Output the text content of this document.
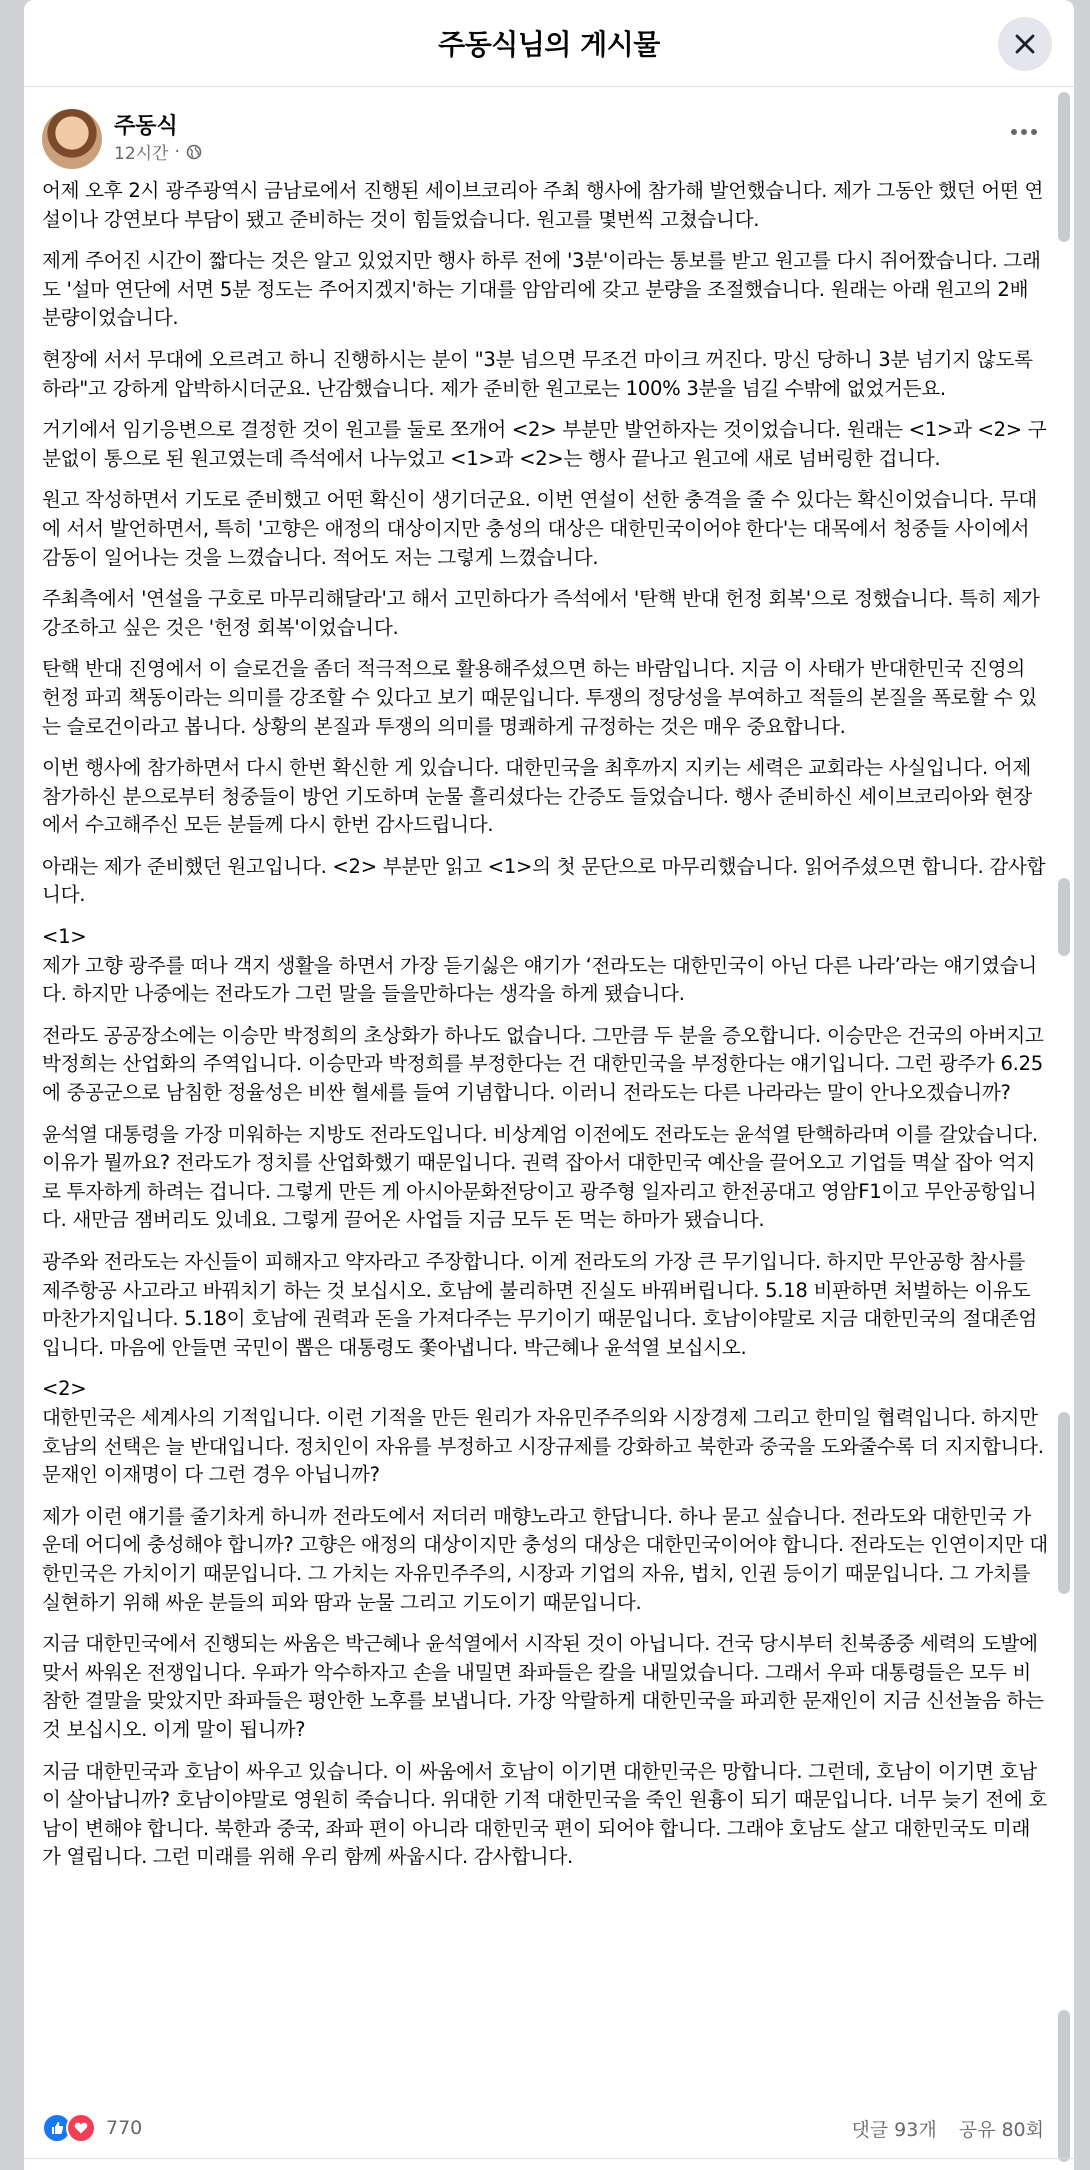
주동식님의 게시물
주동식
12시간 ·

어제 오후 2시 광주광역시 금남로에서 진행된 세이브코리아 주최 행사에 참가해 발언했습니다. 제가 그동안 했던 어떤 연설이나 강연보다 부담이 됐고 준비하는 것이 힘들었습니다. 원고를 몇번씩 고쳤습니다.

제게 주어진 시간이 짧다는 것은 알고 있었지만 행사 하루 전에 '3분'이라는 통보를 받고 원고를 다시 쥐어짰습니다. 그래도 '설마 연단에 서면 5분 정도는 주어지겠지'하는 기대를 암암리에 갖고 분량을 조절했습니다. 원래는 아래 원고의 2배 분량이었습니다.

현장에 서서 무대에 오르려고 하니 진행하시는 분이 "3분 넘으면 무조건 마이크 꺼진다. 망신 당하니 3분 넘기지 않도록 하라"고 강하게 압박하시더군요. 난감했습니다. 제가 준비한 원고로는 100% 3분을 넘길 수밖에 없었거든요.

거기에서 임기응변으로 결정한 것이 원고를 둘로 쪼개어 <2> 부분만 발언하자는 것이었습니다. 원래는 <1>과 <2> 구분없이 통으로 된 원고였는데 즉석에서 나누었고 <1>과 <2>는 행사 끝나고 원고에 새로 넘버링한 겁니다.

원고 작성하면서 기도로 준비했고 어떤 확신이 생기더군요. 이번 연설이 선한 충격을 줄 수 있다는 확신이었습니다. 무대에 서서 발언하면서, 특히 '고향은 애정의 대상이지만 충성의 대상은 대한민국이어야 한다'는 대목에서 청중들 사이에서 감동이 일어나는 것을 느꼈습니다. 적어도 저는 그렇게 느꼈습니다.

주최측에서 '연설을 구호로 마무리해달라'고 해서 고민하다가 즉석에서 '탄핵 반대 헌정 회복'으로 정했습니다. 특히 제가 강조하고 싶은 것은 '헌정 회복'이었습니다.

탄핵 반대 진영에서 이 슬로건을 좀더 적극적으로 활용해주셨으면 하는 바람입니다. 지금 이 사태가 반대한민국 진영의 헌정 파괴 책동이라는 의미를 강조할 수 있다고 보기 때문입니다. 투쟁의 정당성을 부여하고 적들의 본질을 폭로할 수 있는 슬로건이라고 봅니다. 상황의 본질과 투쟁의 의미를 명쾌하게 규정하는 것은 매우 중요합니다.

이번 행사에 참가하면서 다시 한번 확신한 게 있습니다. 대한민국을 최후까지 지키는 세력은 교회라는 사실입니다. 어제 참가하신 분으로부터 청중들이 방언 기도하며 눈물 흘리셨다는 간증도 들었습니다. 행사 준비하신 세이브코리아와 현장에서 수고해주신 모든 분들께 다시 한번 감사드립니다.

아래는 제가 준비했던 원고입니다. <2> 부분만 읽고 <1>의 첫 문단으로 마무리했습니다. 읽어주셨으면 합니다. 감사합니다.

<1>
제가 고향 광주를 떠나 객지 생활을 하면서 가장 듣기싫은 얘기가 ‘전라도는 대한민국이 아닌 다른 나라’라는 얘기였습니다. 하지만 나중에는 전라도가 그런 말을 들을만하다는 생각을 하게 됐습니다.

전라도 공공장소에는 이승만 박정희의 초상화가 하나도 없습니다. 그만큼 두 분을 증오합니다. 이승만은 건국의 아버지고 박정희는 산업화의 주역입니다. 이승만과 박정희를 부정한다는 건 대한민국을 부정한다는 얘기입니다. 그런 광주가 6.25에 중공군으로 남침한 정율성은 비싼 혈세를 들여 기념합니다. 이러니 전라도는 다른 나라라는 말이 안나오겠습니까?

윤석열 대통령을 가장 미워하는 지방도 전라도입니다. 비상계엄 이전에도 전라도는 윤석열 탄핵하라며 이를 갈았습니다. 이유가 뭘까요? 전라도가 정치를 산업화했기 때문입니다. 권력 잡아서 대한민국 예산을 끌어오고 기업들 멱살 잡아 억지로 투자하게 하려는 겁니다. 그렇게 만든 게 아시아문화전당이고 광주형 일자리고 한전공대고 영암F1이고 무안공항입니다. 새만금 잼버리도 있네요. 그렇게 끌어온 사업들 지금 모두 돈 먹는 하마가 됐습니다.

광주와 전라도는 자신들이 피해자고 약자라고 주장합니다. 이게 전라도의 가장 큰 무기입니다. 하지만 무안공항 참사를 제주항공 사고라고 바꿔치기 하는 것 보십시오. 호남에 불리하면 진실도 바꿔버립니다. 5.18 비판하면 처벌하는 이유도 마찬가지입니다. 5.18이 호남에 권력과 돈을 가져다주는 무기이기 때문입니다. 호남이야말로 지금 대한민국의 절대존엄입니다. 마음에 안들면 국민이 뽑은 대통령도 쫓아냅니다. 박근혜나 윤석열 보십시오.

<2>
대한민국은 세계사의 기적입니다. 이런 기적을 만든 원리가 자유민주주의와 시장경제 그리고 한미일 협력입니다. 하지만 호남의 선택은 늘 반대입니다. 정치인이 자유를 부정하고 시장규제를 강화하고 북한과 중국을 도와줄수록 더 지지합니다. 문재인 이재명이 다 그런 경우 아닙니까?

제가 이런 얘기를 줄기차게 하니까 전라도에서 저더러 매향노라고 한답니다. 하나 묻고 싶습니다. 전라도와 대한민국 가운데 어디에 충성해야 합니까? 고향은 애정의 대상이지만 충성의 대상은 대한민국이어야 합니다. 전라도는 인연이지만 대한민국은 가치이기 때문입니다. 그 가치는 자유민주주의, 시장과 기업의 자유, 법치, 인권 등이기 때문입니다. 그 가치를 실현하기 위해 싸운 분들의 피와 땀과 눈물 그리고 기도이기 때문입니다.

지금 대한민국에서 진행되는 싸움은 박근혜나 윤석열에서 시작된 것이 아닙니다. 건국 당시부터 친북종중 세력의 도발에 맞서 싸워온 전쟁입니다. 우파가 악수하자고 손을 내밀면 좌파들은 칼을 내밀었습니다. 그래서 우파 대통령들은 모두 비참한 결말을 맞았지만 좌파들은 평안한 노후를 보냅니다. 가장 악랄하게 대한민국을 파괴한 문재인이 지금 신선놀음 하는 것 보십시오. 이게 말이 됩니까?

지금 대한민국과 호남이 싸우고 있습니다. 이 싸움에서 호남이 이기면 대한민국은 망합니다. 그런데, 호남이 이기면 호남이 살아납니까? 호남이야말로 영원히 죽습니다. 위대한 기적 대한민국을 죽인 원흉이 되기 때문입니다. 너무 늦기 전에 호남이 변해야 합니다. 북한과 중국, 좌파 편이 아니라 대한민국 편이 되어야 합니다. 그래야 호남도 살고 대한민국도 미래가 열립니다. 그런 미래를 위해 우리 함께 싸웁시다. 감사합니다.

770	댓글 93개 공유 80회
